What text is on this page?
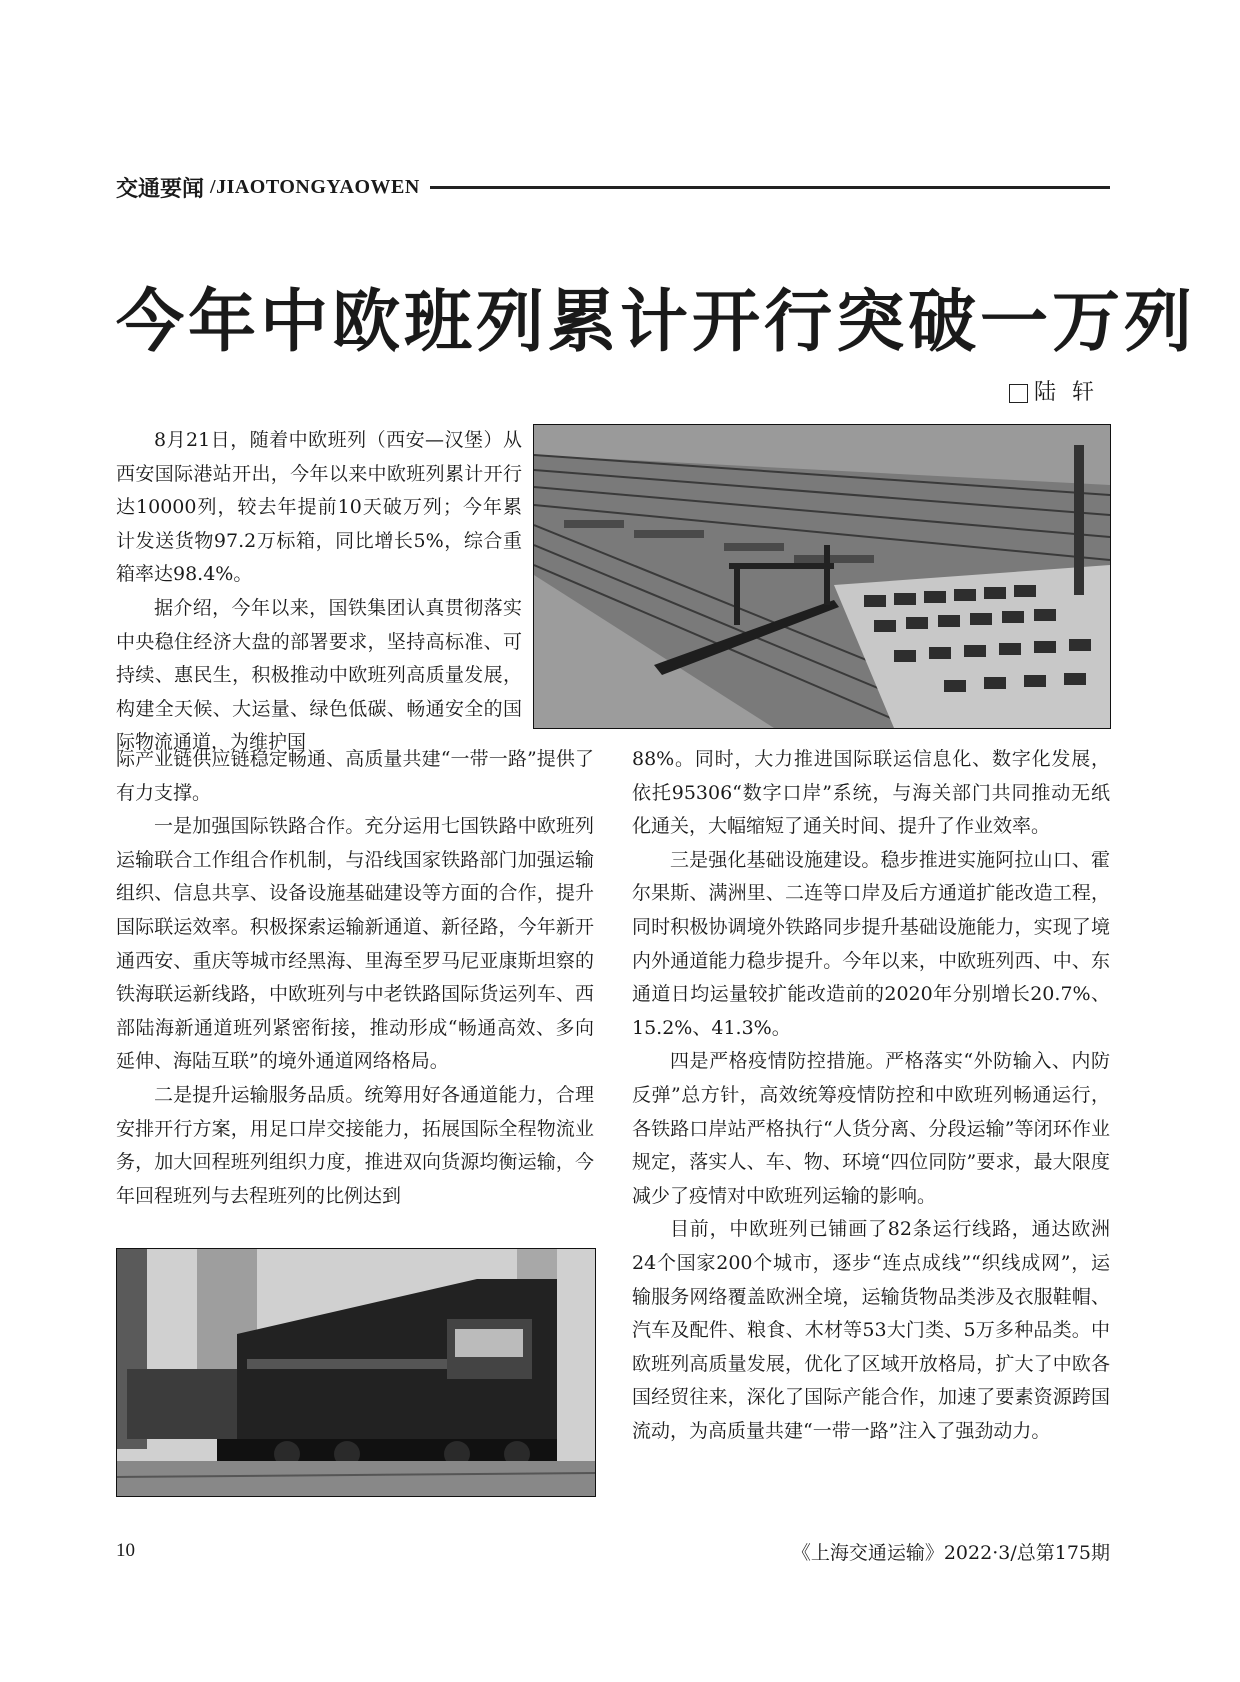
交通要闻 /JIAOTONGYAOWEN
今年中欧班列累计开行突破一万列
陆轩

8月21日，随着中欧班列（西安—汉堡）从西安国际港站开出，今年以来中欧班列累计开行达10000列，较去年提前10天破万列；今年累计发送货物97.2万标箱，同比增长5%，综合重箱率达98.4%。

据介绍，今年以来，国铁集团认真贯彻落实中央稳住经济大盘的部署要求，坚持高标准、可持续、惠民生，积极推动中欧班列高质量发展，构建全天候、大运量、绿色低碳、畅通安全的国际物流通道，为维护国

际产业链供应链稳定畅通、高质量共建“一带一路”提供了有力支撑。

一是加强国际铁路合作。充分运用七国铁路中欧班列运输联合工作组合作机制，与沿线国家铁路部门加强运输组织、信息共享、设备设施基础建设等方面的合作，提升国际联运效率。积极探索运输新通道、新径路，今年新开通西安、重庆等城市经黑海、里海至罗马尼亚康斯坦察的铁海联运新线路，中欧班列与中老铁路国际货运列车、西部陆海新通道班列紧密衔接，推动形成“畅通高效、多向延伸、海陆互联”的境外通道网络格局。

二是提升运输服务品质。统筹用好各通道能力，合理安排开行方案，用足口岸交接能力，拓展国际全程物流业务，加大回程班列组织力度，推进双向货源均衡运输，今年回程班列与去程班列的比例达到

88%。同时，大力推进国际联运信息化、数字化发展，依托95306“数字口岸”系统，与海关部门共同推动无纸化通关，大幅缩短了通关时间、提升了作业效率。

三是强化基础设施建设。稳步推进实施阿拉山口、霍尔果斯、满洲里、二连等口岸及后方通道扩能改造工程，同时积极协调境外铁路同步提升基础设施能力，实现了境内外通道能力稳步提升。今年以来，中欧班列西、中、东通道日均运量较扩能改造前的2020年分别增长20.7%、15.2%、41.3%。

四是严格疫情防控措施。严格落实“外防输入、内防反弹”总方针，高效统筹疫情防控和中欧班列畅通运行，各铁路口岸站严格执行“人货分离、分段运输”等闭环作业规定，落实人、车、物、环境“四位同防”要求，最大限度减少了疫情对中欧班列运输的影响。

目前，中欧班列已铺画了82条运行线路，通达欧洲24个国家200个城市，逐步“连点成线”“织线成网”，运输服务网络覆盖欧洲全境，运输货物品类涉及衣服鞋帽、汽车及配件、粮食、木材等53大门类、5万多种品类。中欧班列高质量发展，优化了区域开放格局，扩大了中欧各国经贸往来，深化了国际产能合作，加速了要素资源跨国流动，为高质量共建“一带一路”注入了强劲动力。

10	《上海交通运输》2022·3/总第175期
